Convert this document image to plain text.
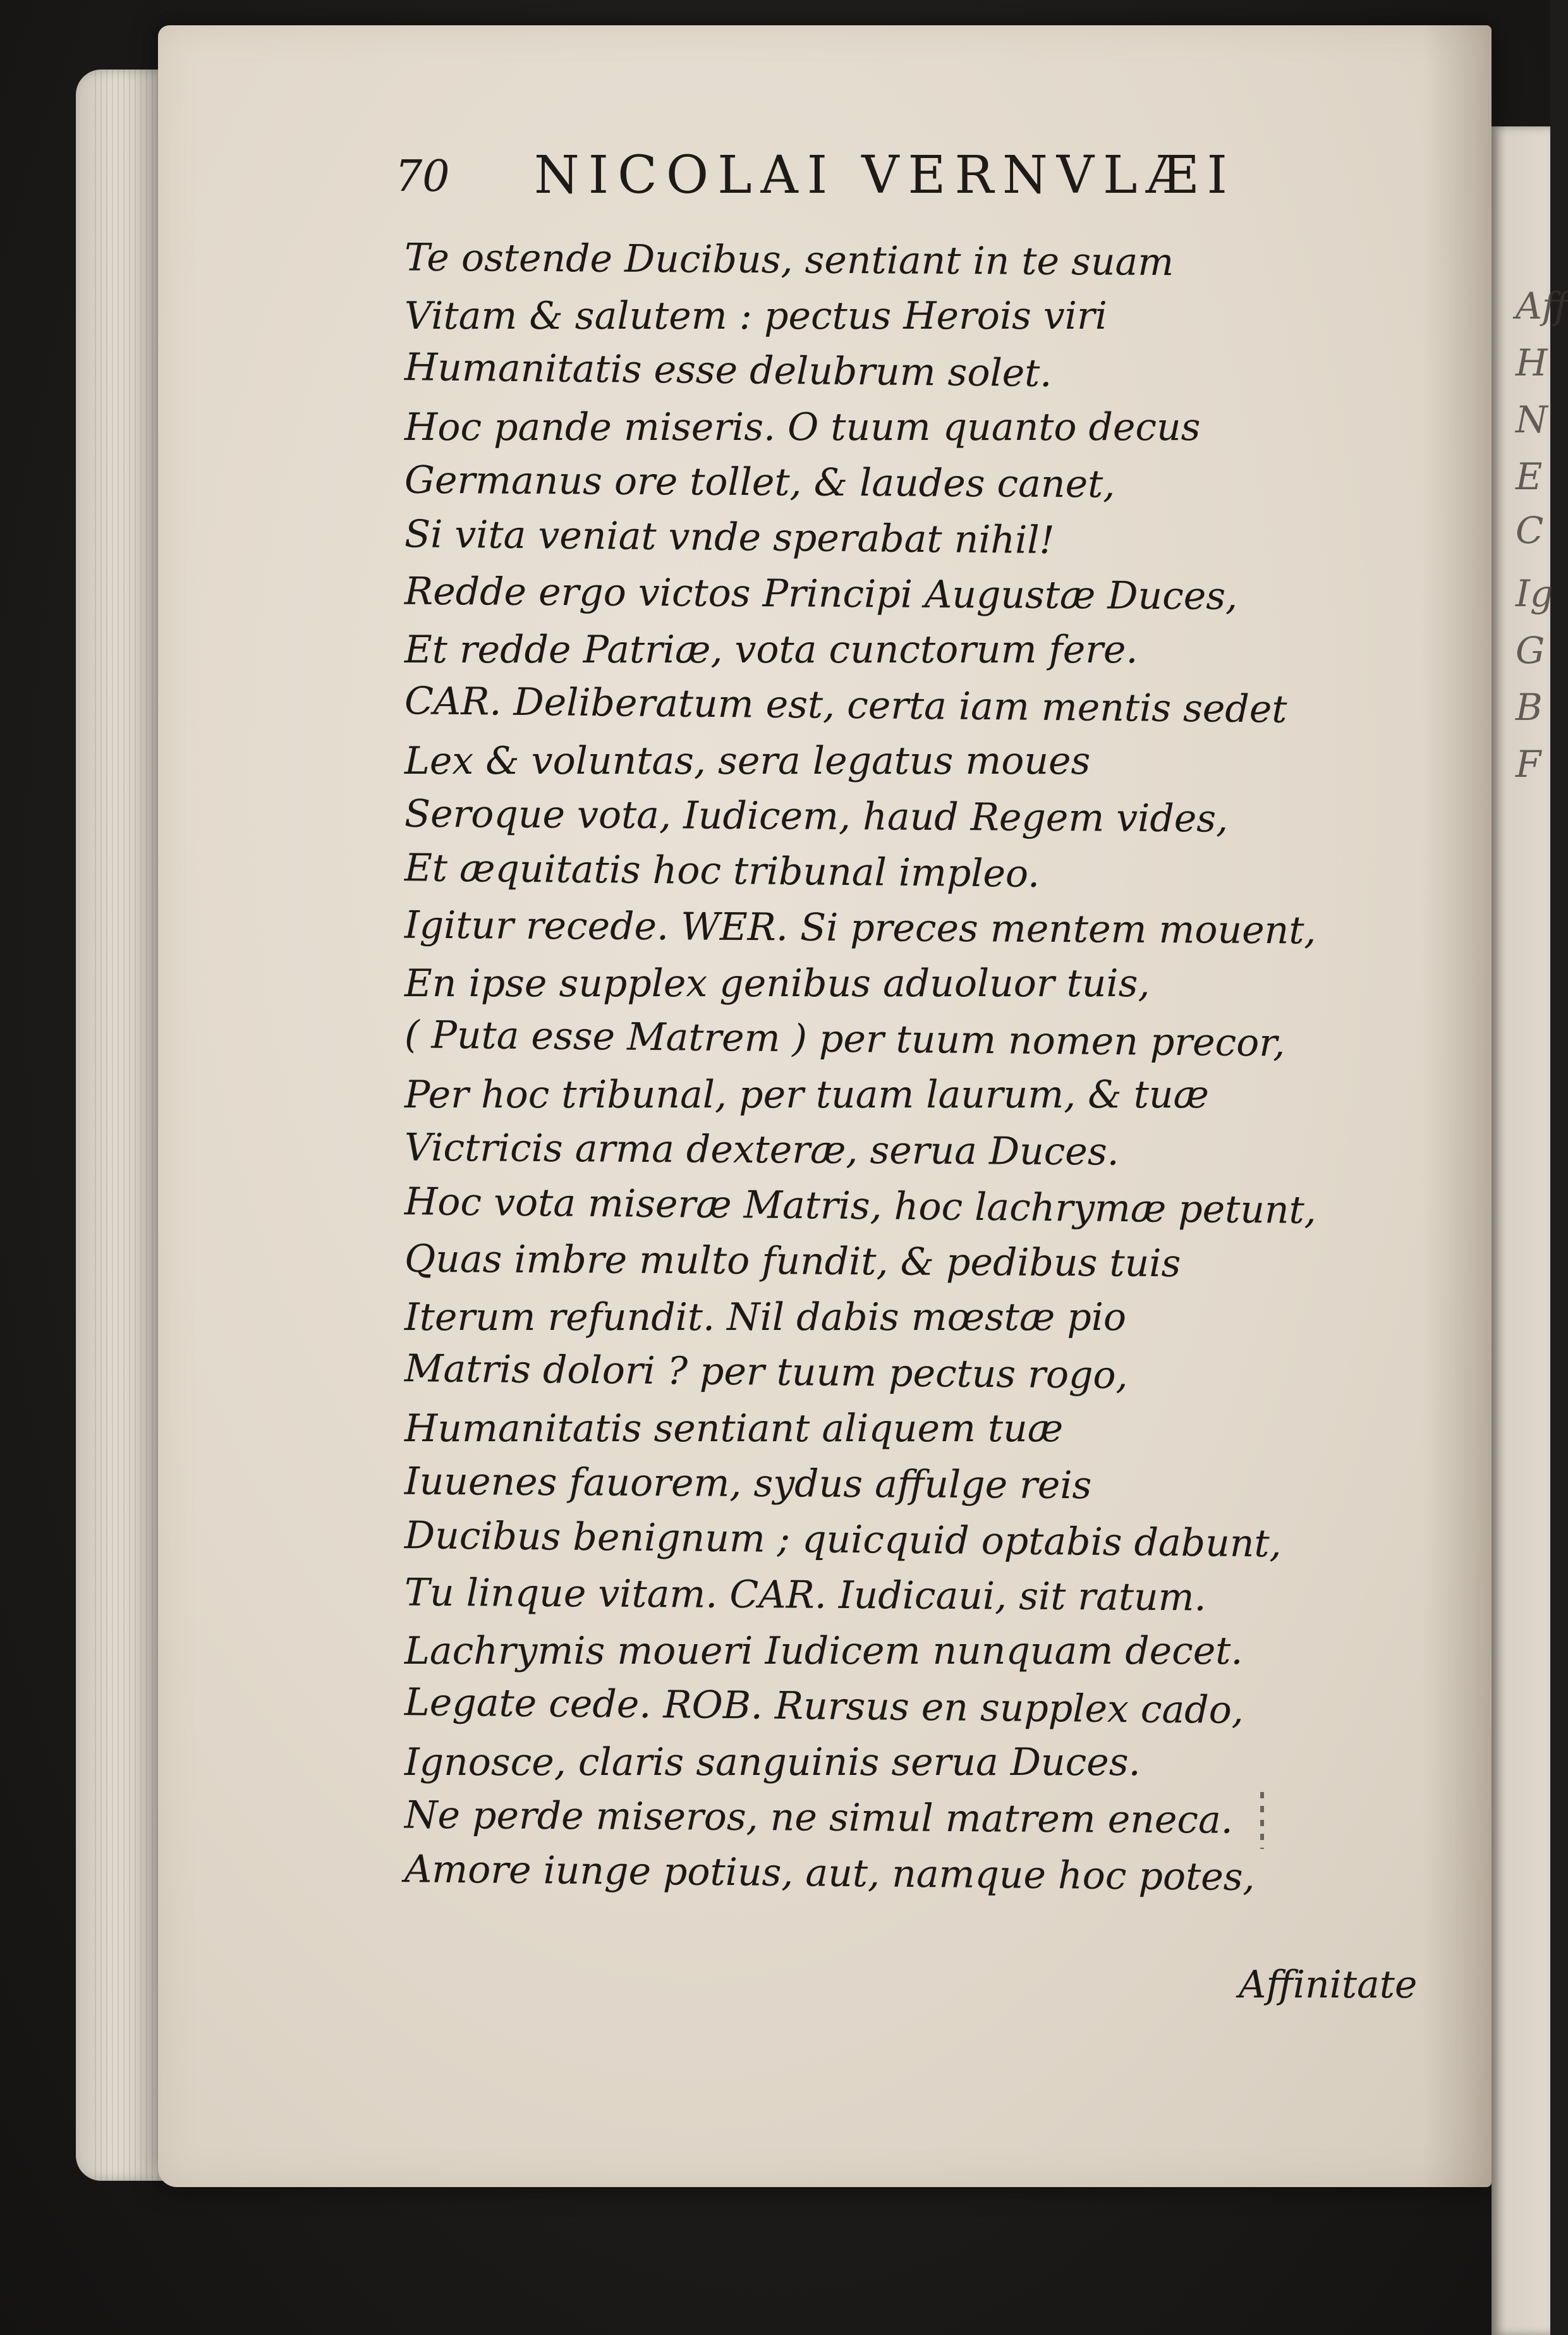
Aff
H
N
E
C
Ig
G
B
F
70 NICOLAI VERNVLÆI
Te ostende Ducibus, sentiant in te suam
Vitam & salutem : pectus Herois viri
Humanitatis esse delubrum solet.
Hoc pande miseris. O tuum quanto decus
Germanus ore tollet, & laudes canet,
Si vita veniat vnde sperabat nihil!
Redde ergo victos Principi Augustæ Duces,
Et redde Patriæ, vota cunctorum fere.
CAR. Deliberatum est, certa iam mentis sedet
Lex & voluntas, sera legatus moues
Seroque vota, Iudicem, haud Regem vides,
Et æquitatis hoc tribunal impleo.
Igitur recede. WER. Si preces mentem mouent,
En ipse supplex genibus aduoluor tuis,
( Puta esse Matrem ) per tuum nomen precor,
Per hoc tribunal, per tuam laurum, & tuæ
Victricis arma dexteræ, serua Duces.
Hoc vota miseræ Matris, hoc lachrymæ petunt,
Quas imbre multo fundit, & pedibus tuis
Iterum refundit. Nil dabis mœstæ pio
Matris dolori ? per tuum pectus rogo,
Humanitatis sentiant aliquem tuæ
Iuuenes fauorem, sydus affulge reis
Ducibus benignum ; quicquid optabis dabunt,
Tu linque vitam. CAR. Iudicaui, sit ratum.
Lachrymis moueri Iudicem nunquam decet.
Legate cede. ROB. Rursus en supplex cado,
Ignosce, claris sanguinis serua Duces.
Ne perde miseros, ne simul matrem eneca.
Amore iunge potius, aut, namque hoc potes,
Affinitate
